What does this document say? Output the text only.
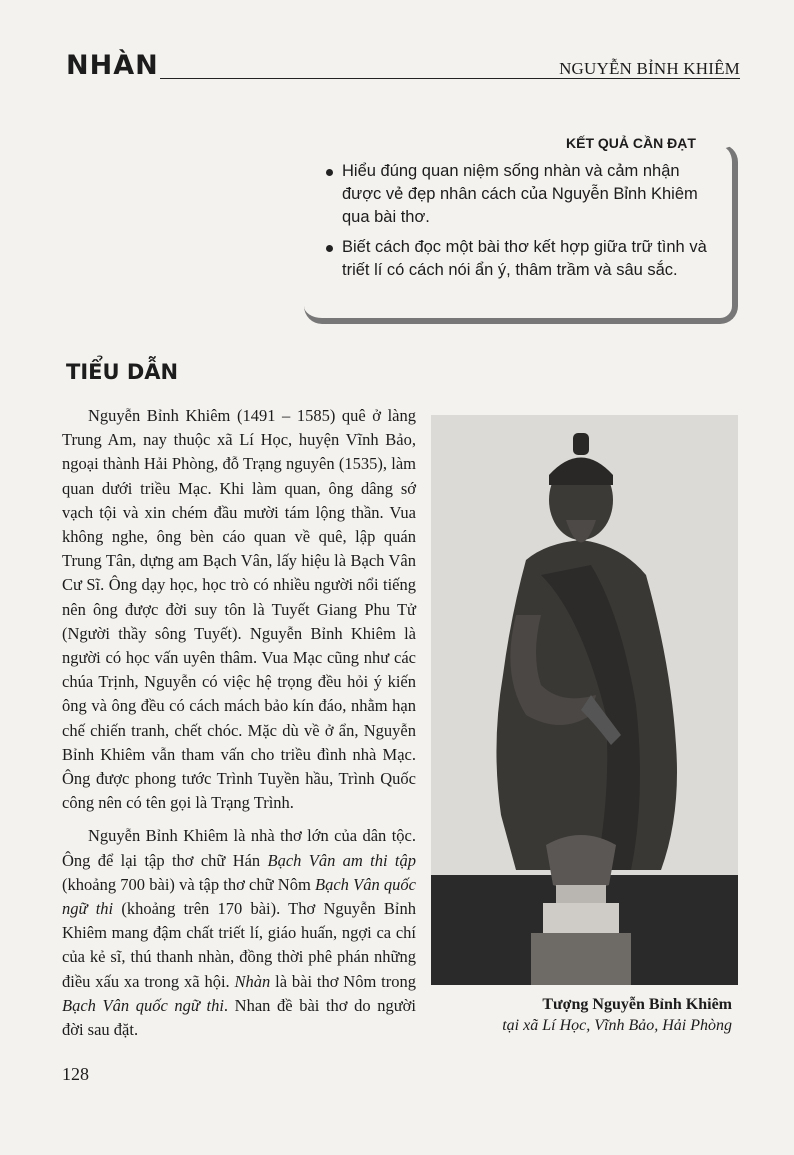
NHÀN	NGUYỄN BỈNH KHIÊM
KẾT QUẢ CẦN ĐẠT
Hiểu đúng quan niệm sống nhàn và cảm nhận được vẻ đẹp nhân cách của Nguyễn Bỉnh Khiêm qua bài thơ.
Biết cách đọc một bài thơ kết hợp giữa trữ tình và triết lí có cách nói ẩn ý, thâm trầm và sâu sắc.
TIỂU DẪN

Nguyễn Bỉnh Khiêm (1491 – 1585) quê ở làng Trung Am, nay thuộc xã Lí Học, huyện Vĩnh Bảo, ngoại thành Hải Phòng, đỗ Trạng nguyên (1535), làm quan dưới triều Mạc. Khi làm quan, ông dâng sớ vạch tội và xin chém đầu mười tám lộng thần. Vua không nghe, ông bèn cáo quan về quê, lập quán Trung Tân, dựng am Bạch Vân, lấy hiệu là Bạch Vân Cư Sĩ. Ông dạy học, học trò có nhiều người nổi tiếng nên ông được đời suy tôn là Tuyết Giang Phu Tử (Người thầy sông Tuyết). Nguyễn Bỉnh Khiêm là người có học vấn uyên thâm. Vua Mạc cũng như các chúa Trịnh, Nguyễn có việc hệ trọng đều hỏi ý kiến ông và ông đều có cách mách bảo kín đáo, nhằm hạn chế chiến tranh, chết chóc. Mặc dù về ở ẩn, Nguyễn Bỉnh Khiêm vẫn tham vấn cho triều đình nhà Mạc. Ông được phong tước Trình Tuyền hầu, Trình Quốc công nên có tên gọi là Trạng Trình.

Nguyễn Bỉnh Khiêm là nhà thơ lớn của dân tộc. Ông để lại tập thơ chữ Hán Bạch Vân am thi tập (khoảng 700 bài) và tập thơ chữ Nôm Bạch Vân quốc ngữ thi (khoảng trên 170 bài). Thơ Nguyễn Bỉnh Khiêm mang đậm chất triết lí, giáo huấn, ngợi ca chí của kẻ sĩ, thú thanh nhàn, đồng thời phê phán những điều xấu xa trong xã hội. Nhàn là bài thơ Nôm trong Bạch Vân quốc ngữ thi. Nhan đề bài thơ do người đời sau đặt.

Tượng Nguyễn Bỉnh Khiêm
tại xã Lí Học, Vĩnh Bảo, Hải Phòng
128
